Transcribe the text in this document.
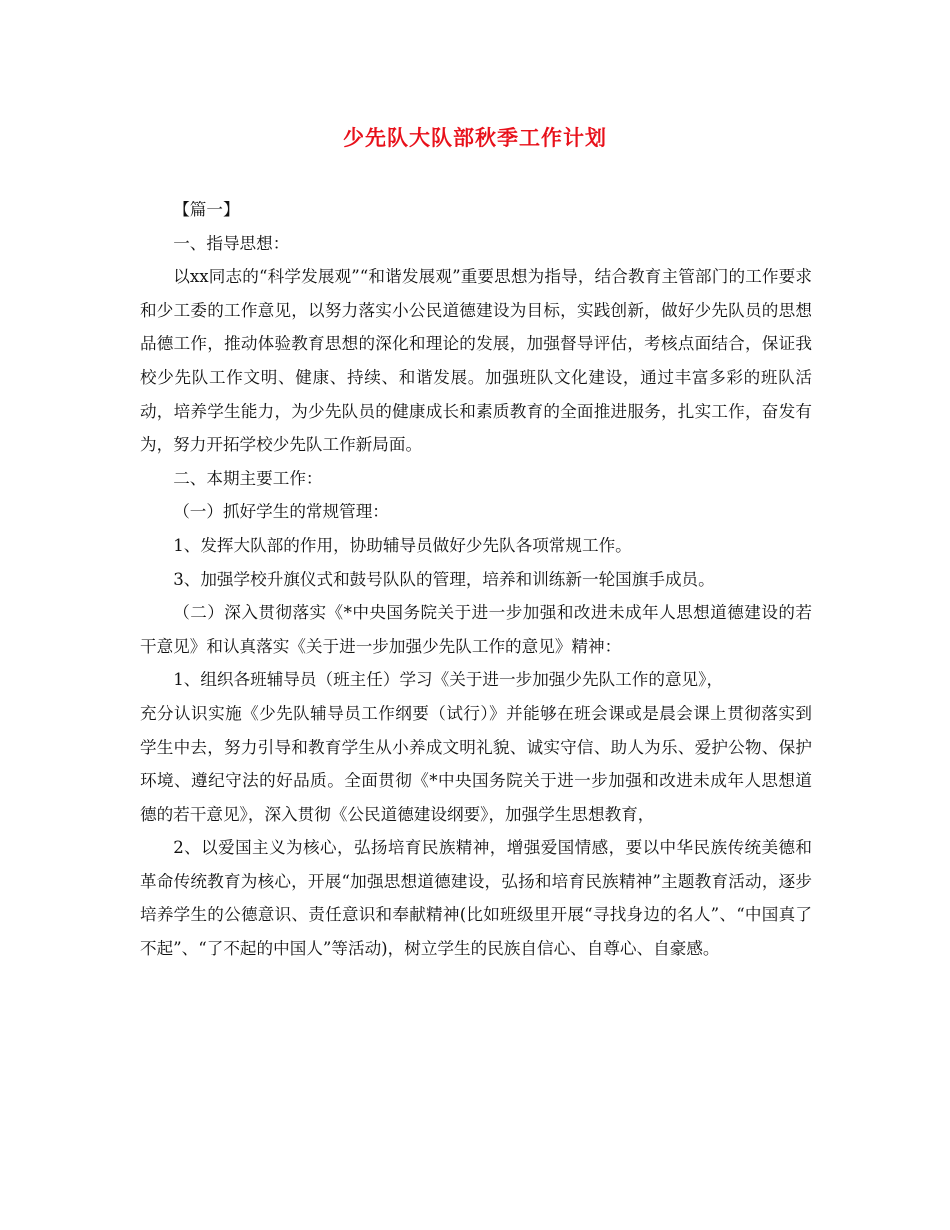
少先队大队部秋季工作计划

【篇一】

一、指导思想：

以xx同志的“科学发展观”“和谐发展观”重要思想为指导，结合教育主管部门的工作要求和少工委的工作意见，以努力落实小公民道德建设为目标，实践创新，做好少先队员的思想品德工作，推动体验教育思想的深化和理论的发展，加强督导评估，考核点面结合，保证我校少先队工作文明、健康、持续、和谐发展。加强班队文化建设，通过丰富多彩的班队活动，培养学生能力，为少先队员的健康成长和素质教育的全面推进服务，扎实工作，奋发有为，努力开拓学校少先队工作新局面。

二、本期主要工作：

（一）抓好学生的常规管理：

1、发挥大队部的作用，协助辅导员做好少先队各项常规工作。

3、加强学校升旗仪式和鼓号队队的管理，培养和训练新一轮国旗手成员。

（二）深入贯彻落实《*中央国务院关于进一步加强和改进未成年人思想道德建设的若干意见》和认真落实《关于进一步加强少先队工作的意见》精神：

1、组织各班辅导员（班主任）学习《关于进一步加强少先队工作的意见》，

充分认识实施《少先队辅导员工作纲要（试行）》并能够在班会课或是晨会课上贯彻落实到学生中去，努力引导和教育学生从小养成文明礼貌、诚实守信、助人为乐、爱护公物、保护环境、遵纪守法的好品质。全面贯彻《*中央国务院关于进一步加强和改进未成年人思想道德的若干意见》，深入贯彻《公民道德建设纲要》，加强学生思想教育，

2、以爱国主义为核心，弘扬培育民族精神，增强爱国情感，要以中华民族传统美德和革命传统教育为核心，开展“加强思想道德建设，弘扬和培育民族精神”主题教育活动，逐步培养学生的公德意识、责任意识和奉献精神(比如班级里开展“寻找身边的名人”、“中国真了不起”、“了不起的中国人”等活动)，树立学生的民族自信心、自尊心、自豪感。
